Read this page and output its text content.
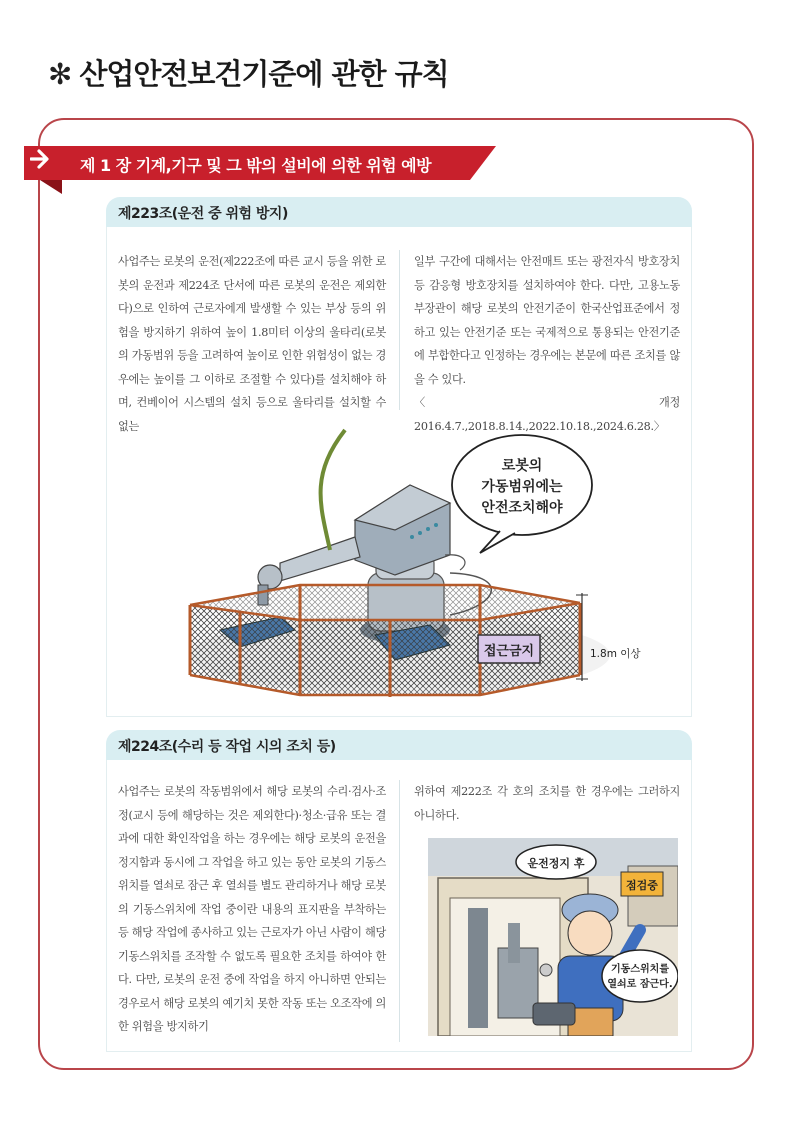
✻ 산업안전보건기준에 관한 규칙
제 1 장 기계,기구 및 그 밖의 설비에 의한 위험 예방
제223조(운전 중 위험 방지)
사업주는 로봇의 운전(제222조에 따른 교시 등을 위한 로봇의 운전과 제224조 단서에 따른 로봇의 운전은 제외한다)으로 인하여 근로자에게 발생할 수 있는 부상 등의 위험을 방지하기 위하여 높이 1.8미터 이상의 울타리(로봇의 가동범위 등을 고려하여 높이로 인한 위험성이 없는 경우에는 높이를 그 이하로 조절할 수 있다)를 설치해야 하며, 컨베이어 시스템의 설치 등으로 울타리를 설치할 수 없는
일부 구간에 대해서는 안전매트 또는 광전자식 방호장치 등 감응형 방호장치를 설치하여야 한다. 다만, 고용노동부장관이 해당 로봇의 안전기준이 한국산업표준에서 정하고 있는 안전기준 또는 국제적으로 통용되는 안전기준에 부합한다고 인정하는 경우에는 본문에 따른 조치를 않을 수 있다.
〈개정 2016.4.7.,2018.8.14.,2022.10.18.,2024.6.28.〉
접근금지	1.8m 이상
로봇의
가동범위에는
안전조치해야
제224조(수리 등 작업 시의 조치 등)
사업주는 로봇의 작동범위에서 해당 로봇의 수리·검사·조정(교시 등에 해당하는 것은 제외한다)·청소·급유 또는 결과에 대한 확인작업을 하는 경우에는 해당 로봇의 운전을 정지함과 동시에 그 작업을 하고 있는 동안 로봇의 기동스위치를 열쇠로 잠근 후 열쇠를 별도 관리하거나 해당 로봇의 기동스위치에 작업 중이란 내용의 표지판을 부착하는 등 해당 작업에 종사하고 있는 근로자가 아닌 사람이 해당 기동스위치를 조작할 수 없도록 필요한 조치를 하여야 한다. 다만, 로봇의 운전 중에 작업을 하지 아니하면 안되는 경우로서 해당 로봇의 예기치 못한 작동 또는 오조작에 의한 위험을 방지하기
위하여 제222조 각 호의 조치를 한 경우에는 그러하지 아니하다.
점검중
운전정지 후
기동스위치를
열쇠로 잠근다.
